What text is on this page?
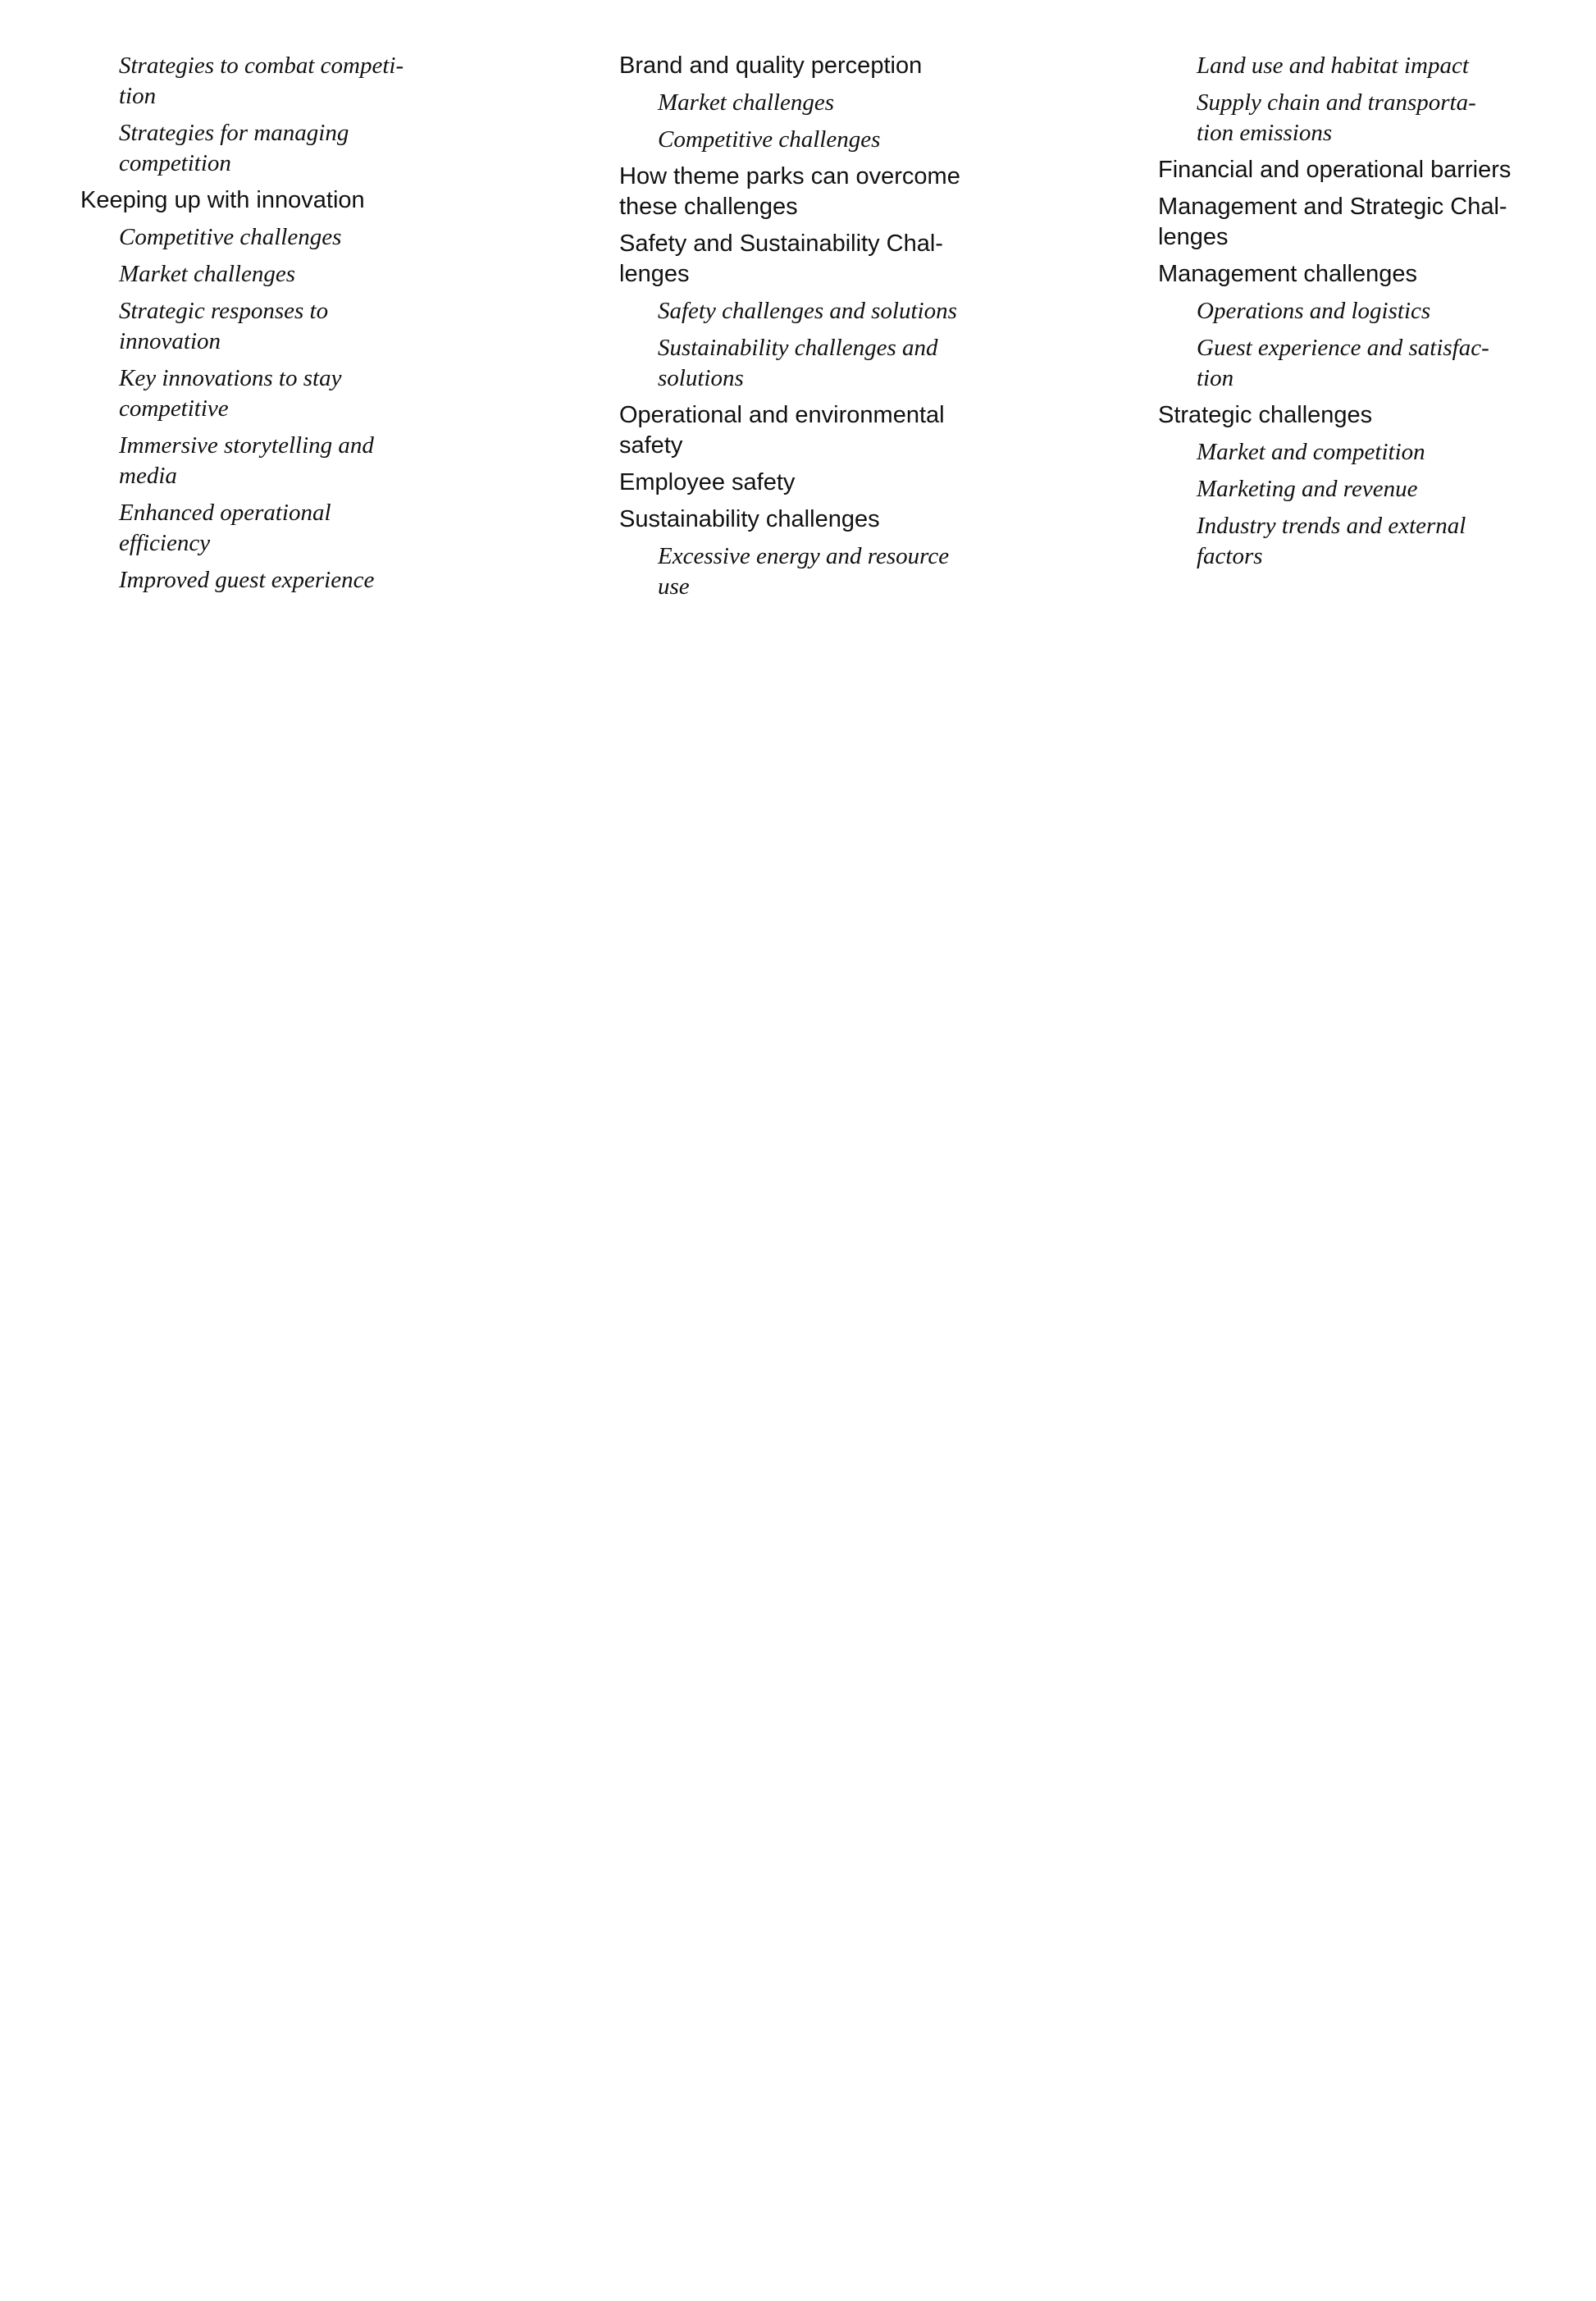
Strategies to combat competi-
tion
Strategies for managing
competition
Keeping up with innovation
Competitive challenges
Market challenges
Strategic responses to
innovation
Key innovations to stay
competitive
Immersive storytelling and
media
Enhanced operational
efficiency
Improved guest experience
Brand and quality perception
Market challenges
Competitive challenges
How theme parks can overcome
these challenges
Safety and Sustainability Chal-
lenges
Safety challenges and solutions
Sustainability challenges and
solutions
Operational and environmental
safety
Employee safety
Sustainability challenges
Excessive energy and resource
use
Land use and habitat impact
Supply chain and transporta-
tion emissions
Financial and operational barriers
Management and Strategic Chal-
lenges
Management challenges
Operations and logistics
Guest experience and satisfac-
tion
Strategic challenges
Market and competition
Marketing and revenue
Industry trends and external
factors
